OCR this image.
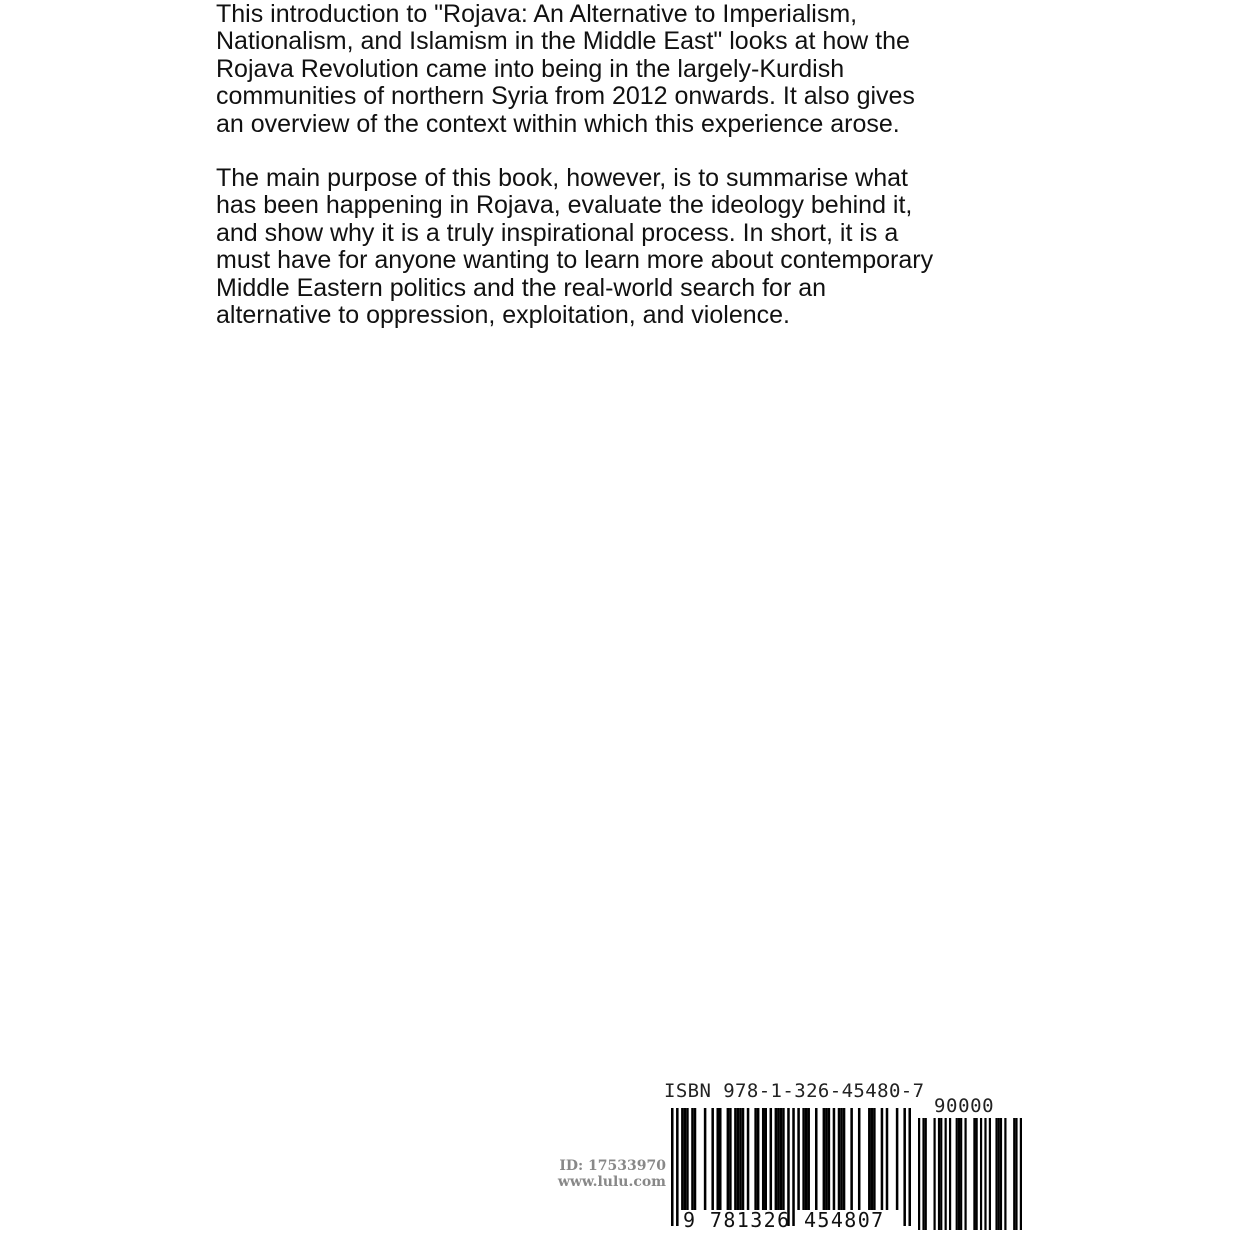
This introduction to "Rojava: An Alternative to Imperialism,
Nationalism, and Islamism in the Middle East" looks at how the
Rojava Revolution came into being in the largely-Kurdish
communities of northern Syria from 2012 onwards. It also gives
an overview of the context within which this experience arose.

The main purpose of this book, however, is to summarise what
has been happening in Rojava, evaluate the ideology behind it,
and show why it is a truly inspirational process. In short, it is a
must have for anyone wanting to learn more about contemporary
Middle Eastern politics and the real-world search for an
alternative to oppression, exploitation, and violence.

ID: 17533970
www.lulu.com
ISBN 978-1-326-45480-7
90000
9 781326 454807
